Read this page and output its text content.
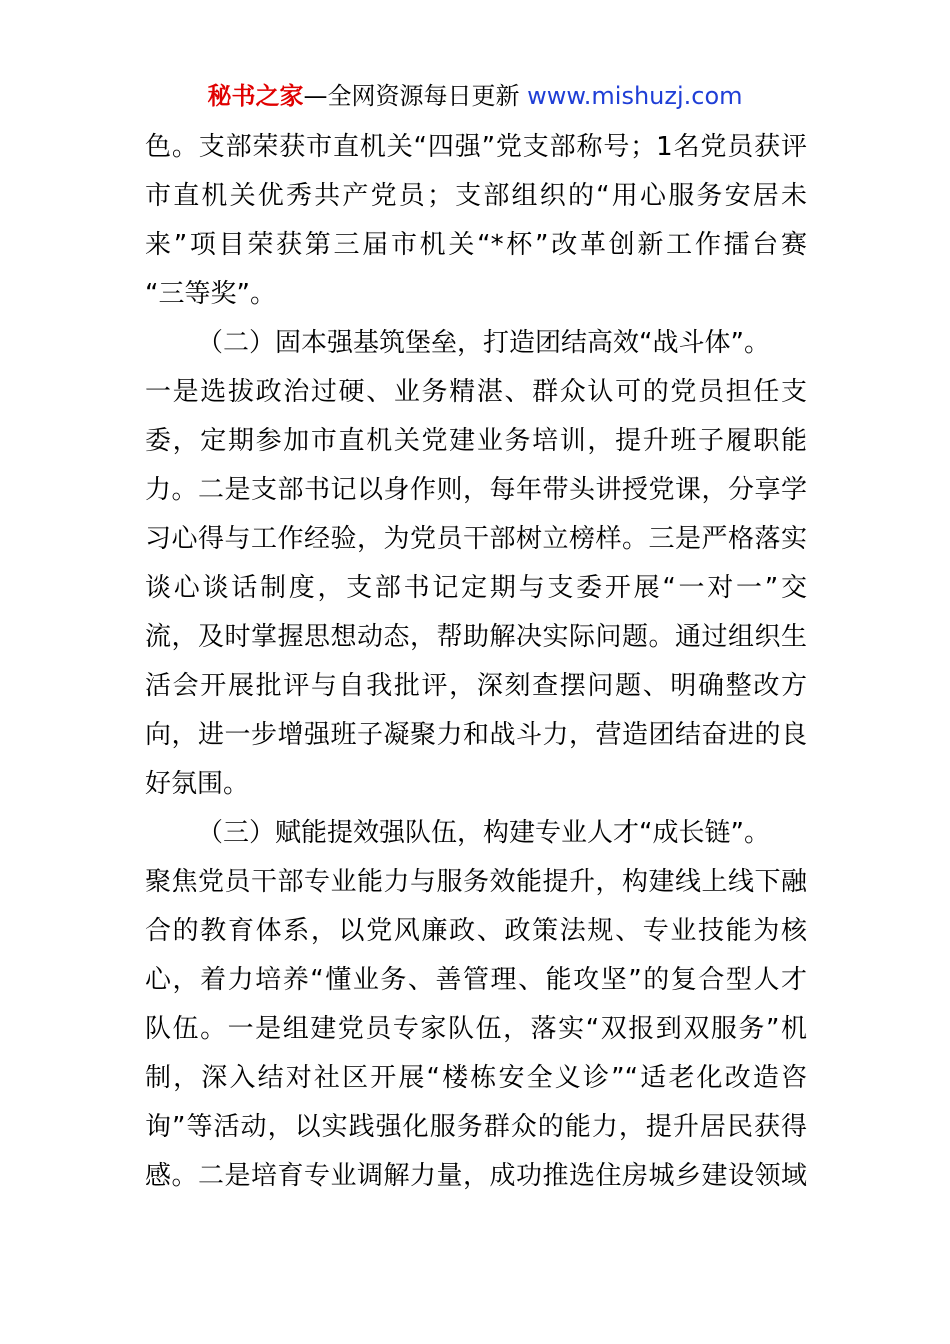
秘书之家—全网资源每日更新 www.mishuzj.com
色。支部荣获市直机关“四强”党支部称号；1名党员获评
市直机关优秀共产党员；支部组织的“用心服务安居未
来”项目荣获第三届市机关“*杯”改革创新工作擂台赛
“三等奖”。
（二）固本强基筑堡垒，打造团结高效“战斗体”。
一是选拔政治过硬、业务精湛、群众认可的党员担任支
委，定期参加市直机关党建业务培训，提升班子履职能
力。二是支部书记以身作则，每年带头讲授党课，分享学
习心得与工作经验，为党员干部树立榜样。三是严格落实
谈心谈话制度，支部书记定期与支委开展“一对一”交
流，及时掌握思想动态，帮助解决实际问题。通过组织生
活会开展批评与自我批评，深刻查摆问题、明确整改方
向，进一步增强班子凝聚力和战斗力，营造团结奋进的良
好氛围。
（三）赋能提效强队伍，构建专业人才“成长链”。
聚焦党员干部专业能力与服务效能提升，构建线上线下融
合的教育体系，以党风廉政、政策法规、专业技能为核
心，着力培养“懂业务、善管理、能攻坚”的复合型人才
队伍。一是组建党员专家队伍，落实“双报到双服务”机
制，深入结对社区开展“楼栋安全义诊”“适老化改造咨
询”等活动，以实践强化服务群众的能力，提升居民获得
感。二是培育专业调解力量，成功推选住房城乡建设领域
